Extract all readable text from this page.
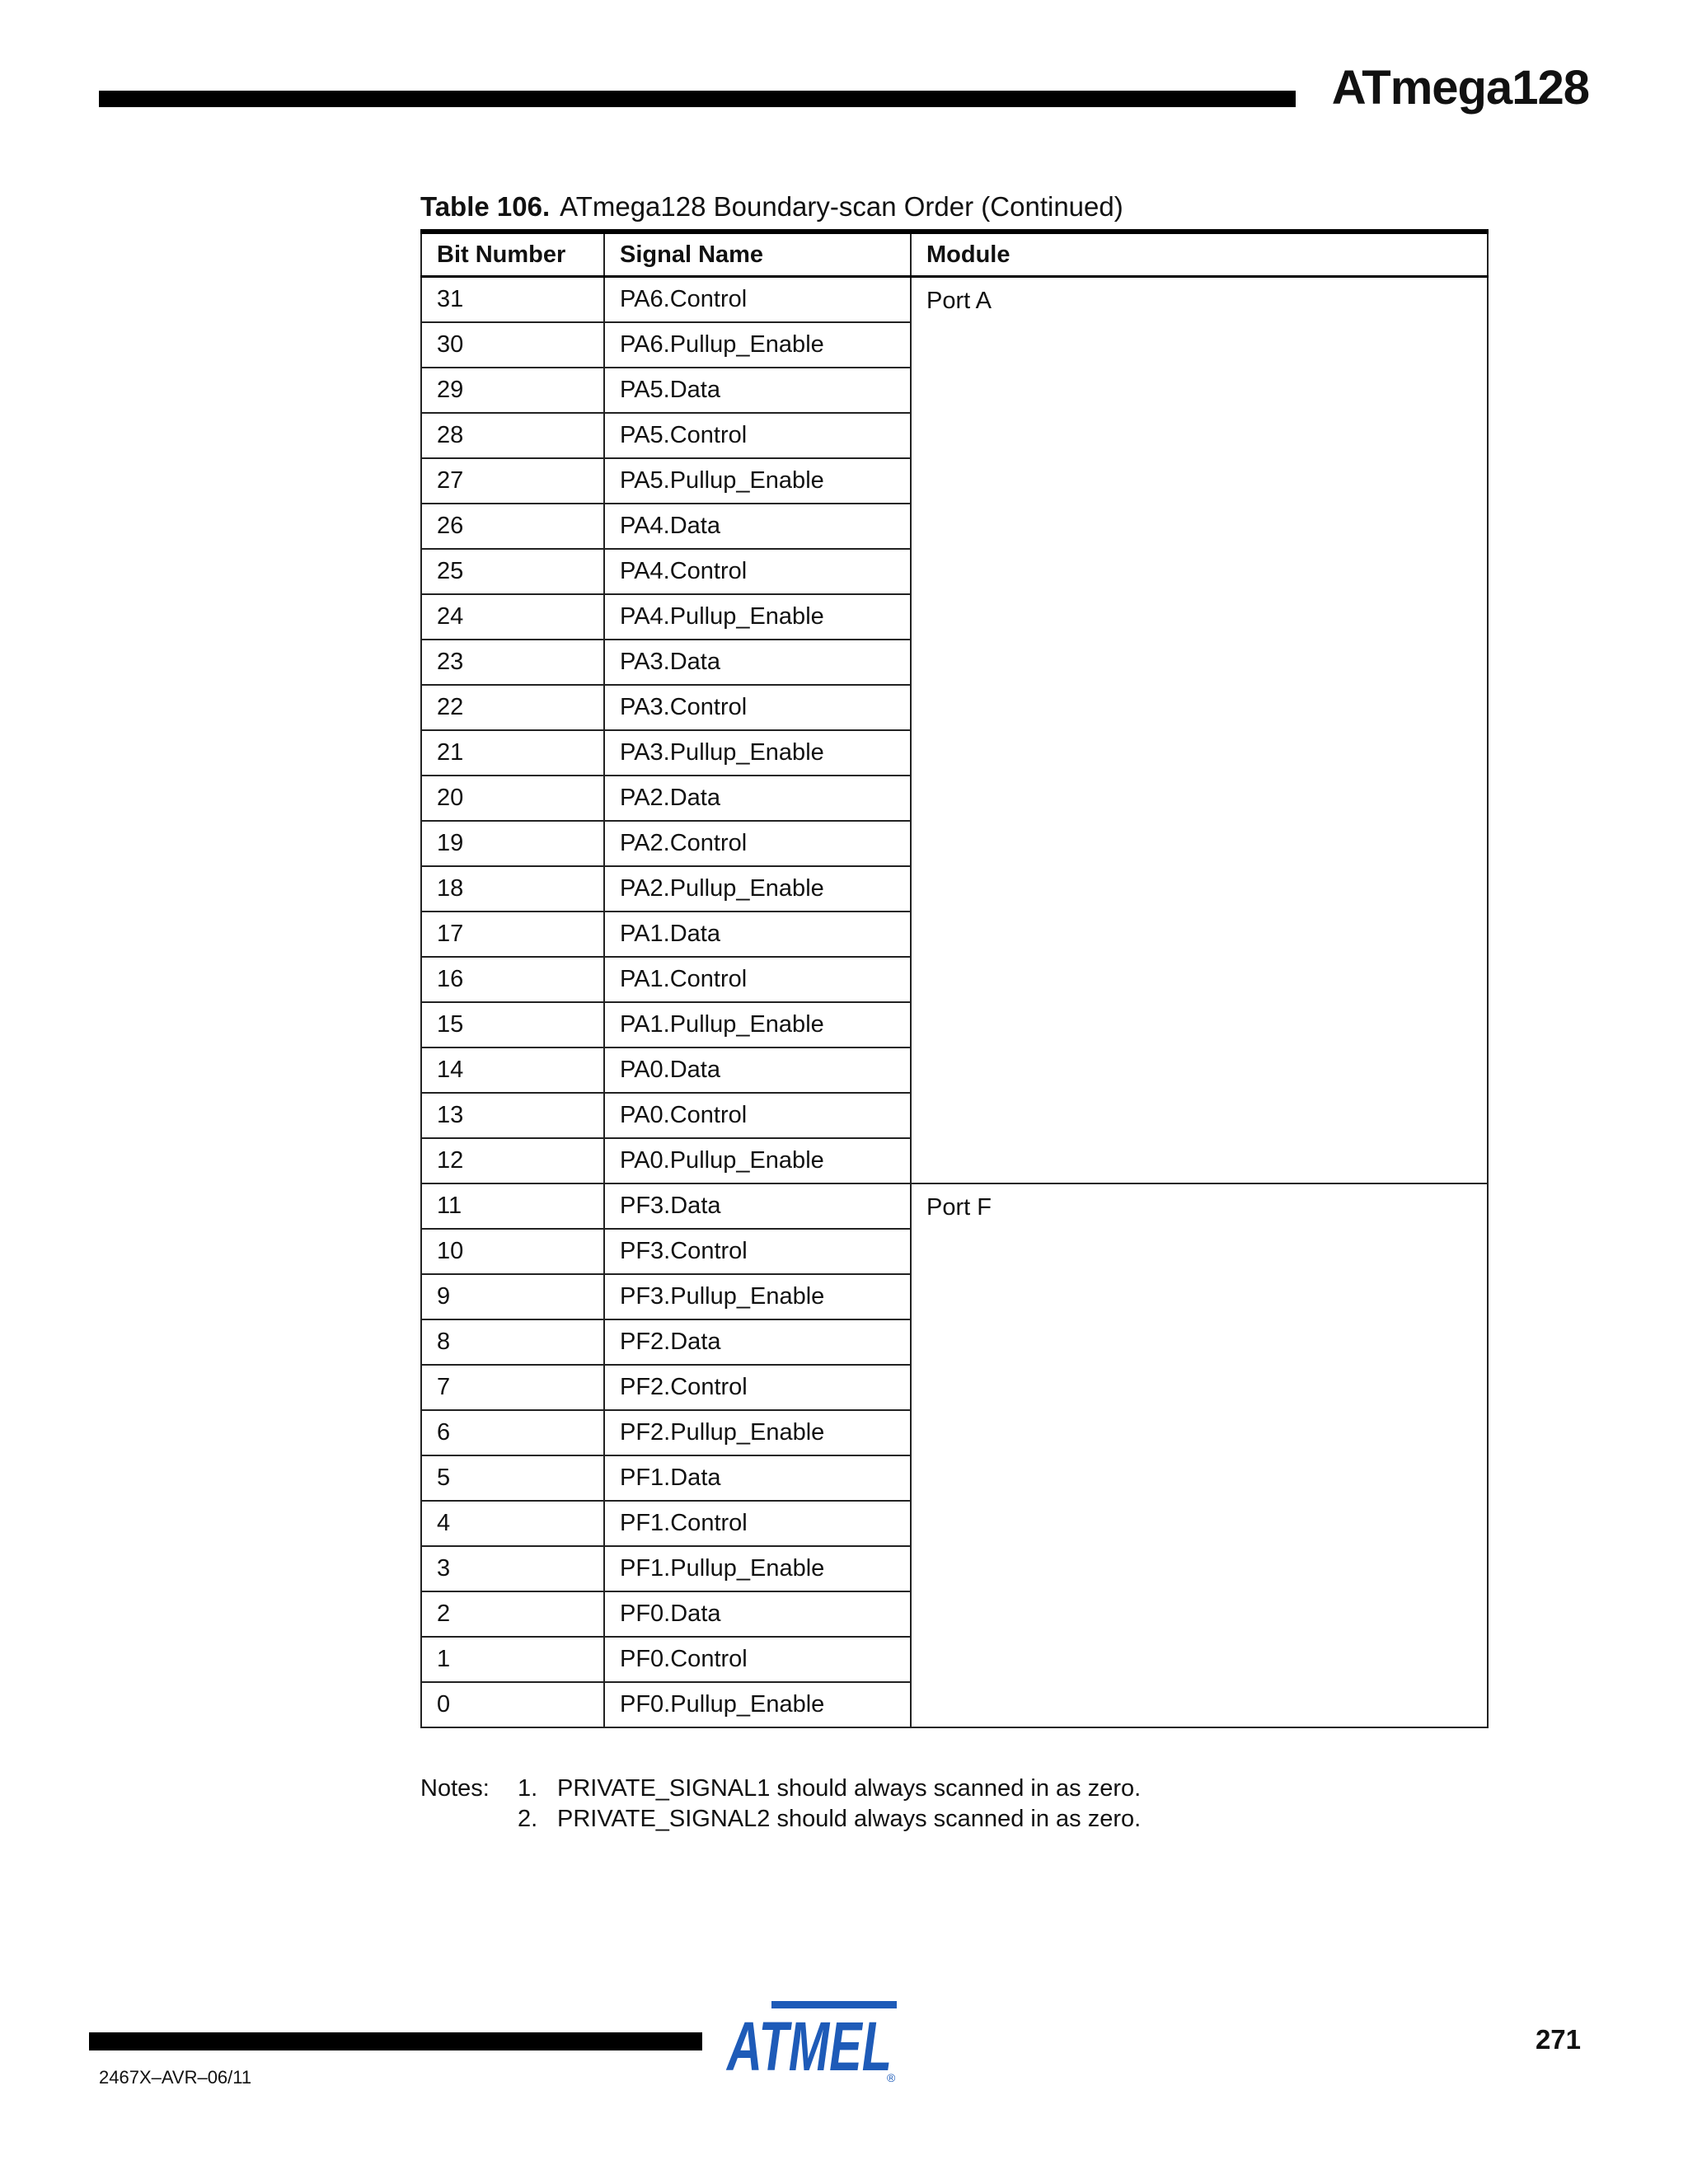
ATmega128
Table 106. ATmega128 Boundary-scan Order (Continued)
Bit Number	Signal Name	Module
31	PA6.Control	Port A
30	PA6.Pullup_Enable	
29	PA5.Data	
28	PA5.Control	
27	PA5.Pullup_Enable	
26	PA4.Data	
25	PA4.Control	
24	PA4.Pullup_Enable	
23	PA3.Data	
22	PA3.Control	
21	PA3.Pullup_Enable	
20	PA2.Data	
19	PA2.Control	
18	PA2.Pullup_Enable	
17	PA1.Data	
16	PA1.Control	
15	PA1.Pullup_Enable	
14	PA0.Data	
13	PA0.Control	
12	PA0.Pullup_Enable	
11	PF3.Data	Port F
10	PF3.Control	
9	PF3.Pullup_Enable	
8	PF2.Data	
7	PF2.Control	
6	PF2.Pullup_Enable	
5	PF1.Data	
4	PF1.Control	
3	PF1.Pullup_Enable	
2	PF0.Data	
1	PF0.Control	
0	PF0.Pullup_Enable	
Notes:	1. PRIVATE_SIGNAL1 should always scanned in as zero.
2. PRIVATE_SIGNAL2 should always scanned in as zero.
2467X–AVR–06/11	ATMEL
®
271
